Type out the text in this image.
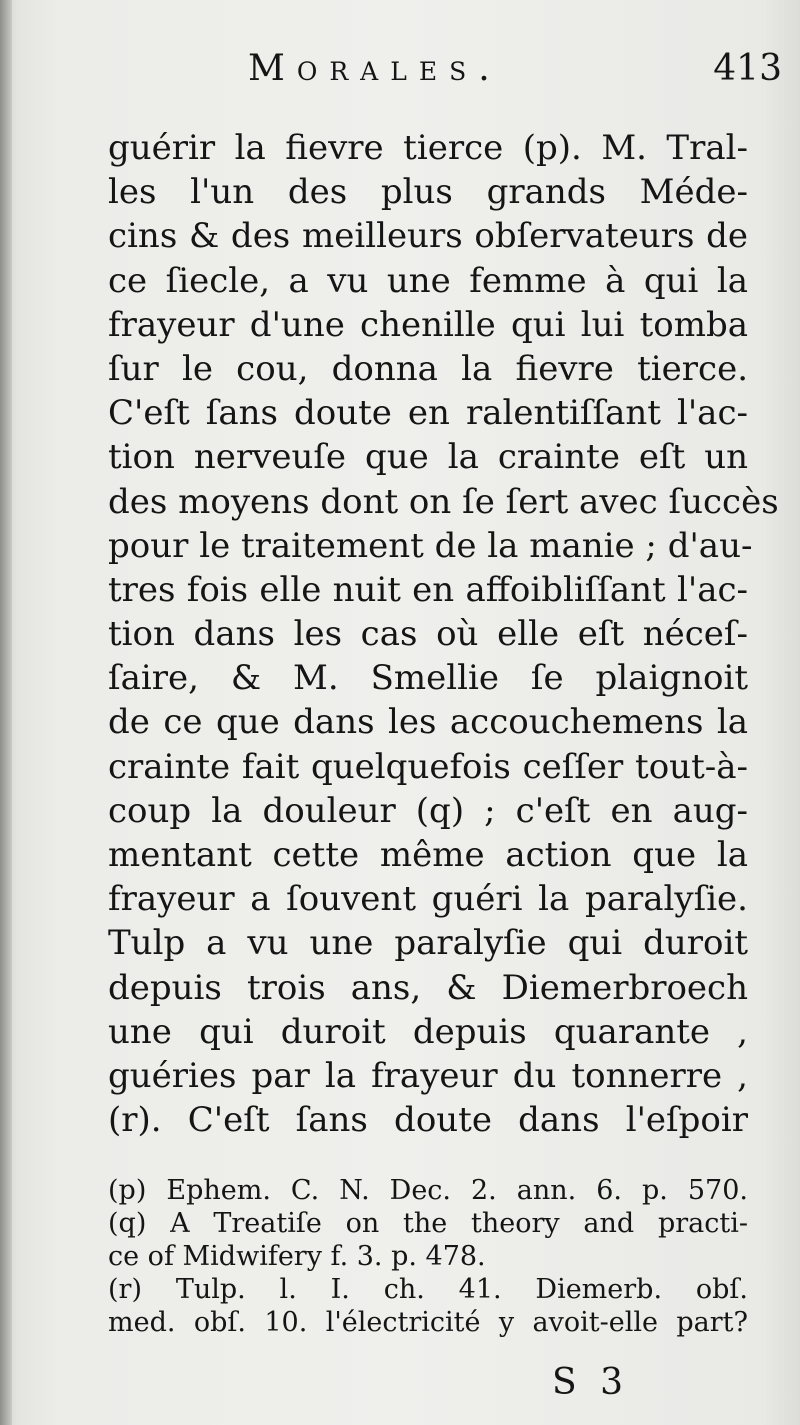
Morales.	413
guérir la fievre tierce (p). M. Tral-
les l'un des plus grands Méde-
cins & des meilleurs obſervateurs de
ce ſiecle, a vu une femme à qui la
frayeur d'une chenille qui lui tomba
ſur le cou, donna la fievre tierce.
C'eſt ſans doute en ralentiſſant l'ac-
tion nerveuſe que la crainte eſt un
des moyens dont on ſe ſert avec ſuccès
pour le traitement de la manie ; d'au-
tres fois elle nuit en affoibliſſant l'ac-
tion dans les cas où elle eſt néceſ-
ſaire, & M. Smellie ſe plaignoit
de ce que dans les accouchemens la
crainte fait quelquefois ceſſer tout-à-
coup la douleur (q) ; c'eſt en aug-
mentant cette même action que la
frayeur a ſouvent guéri la paralyſie.
Tulp a vu une paralyſie qui duroit
depuis trois ans, & Diemerbroech
une qui duroit depuis quarante ,
guéries par la frayeur du tonnerre ,
(r). C'eſt ſans doute dans l'eſpoir
(p) Ephem. C. N. Dec. 2. ann. 6. p. 570.
(q) A Treatiſe on the theory and practi-
ce of Midwifery f. 3. p. 478.
(r) Tulp. l. I. ch. 41. Diemerb. obſ.
med. obſ. 10. l'électricité y avoit-elle part?
S 3
